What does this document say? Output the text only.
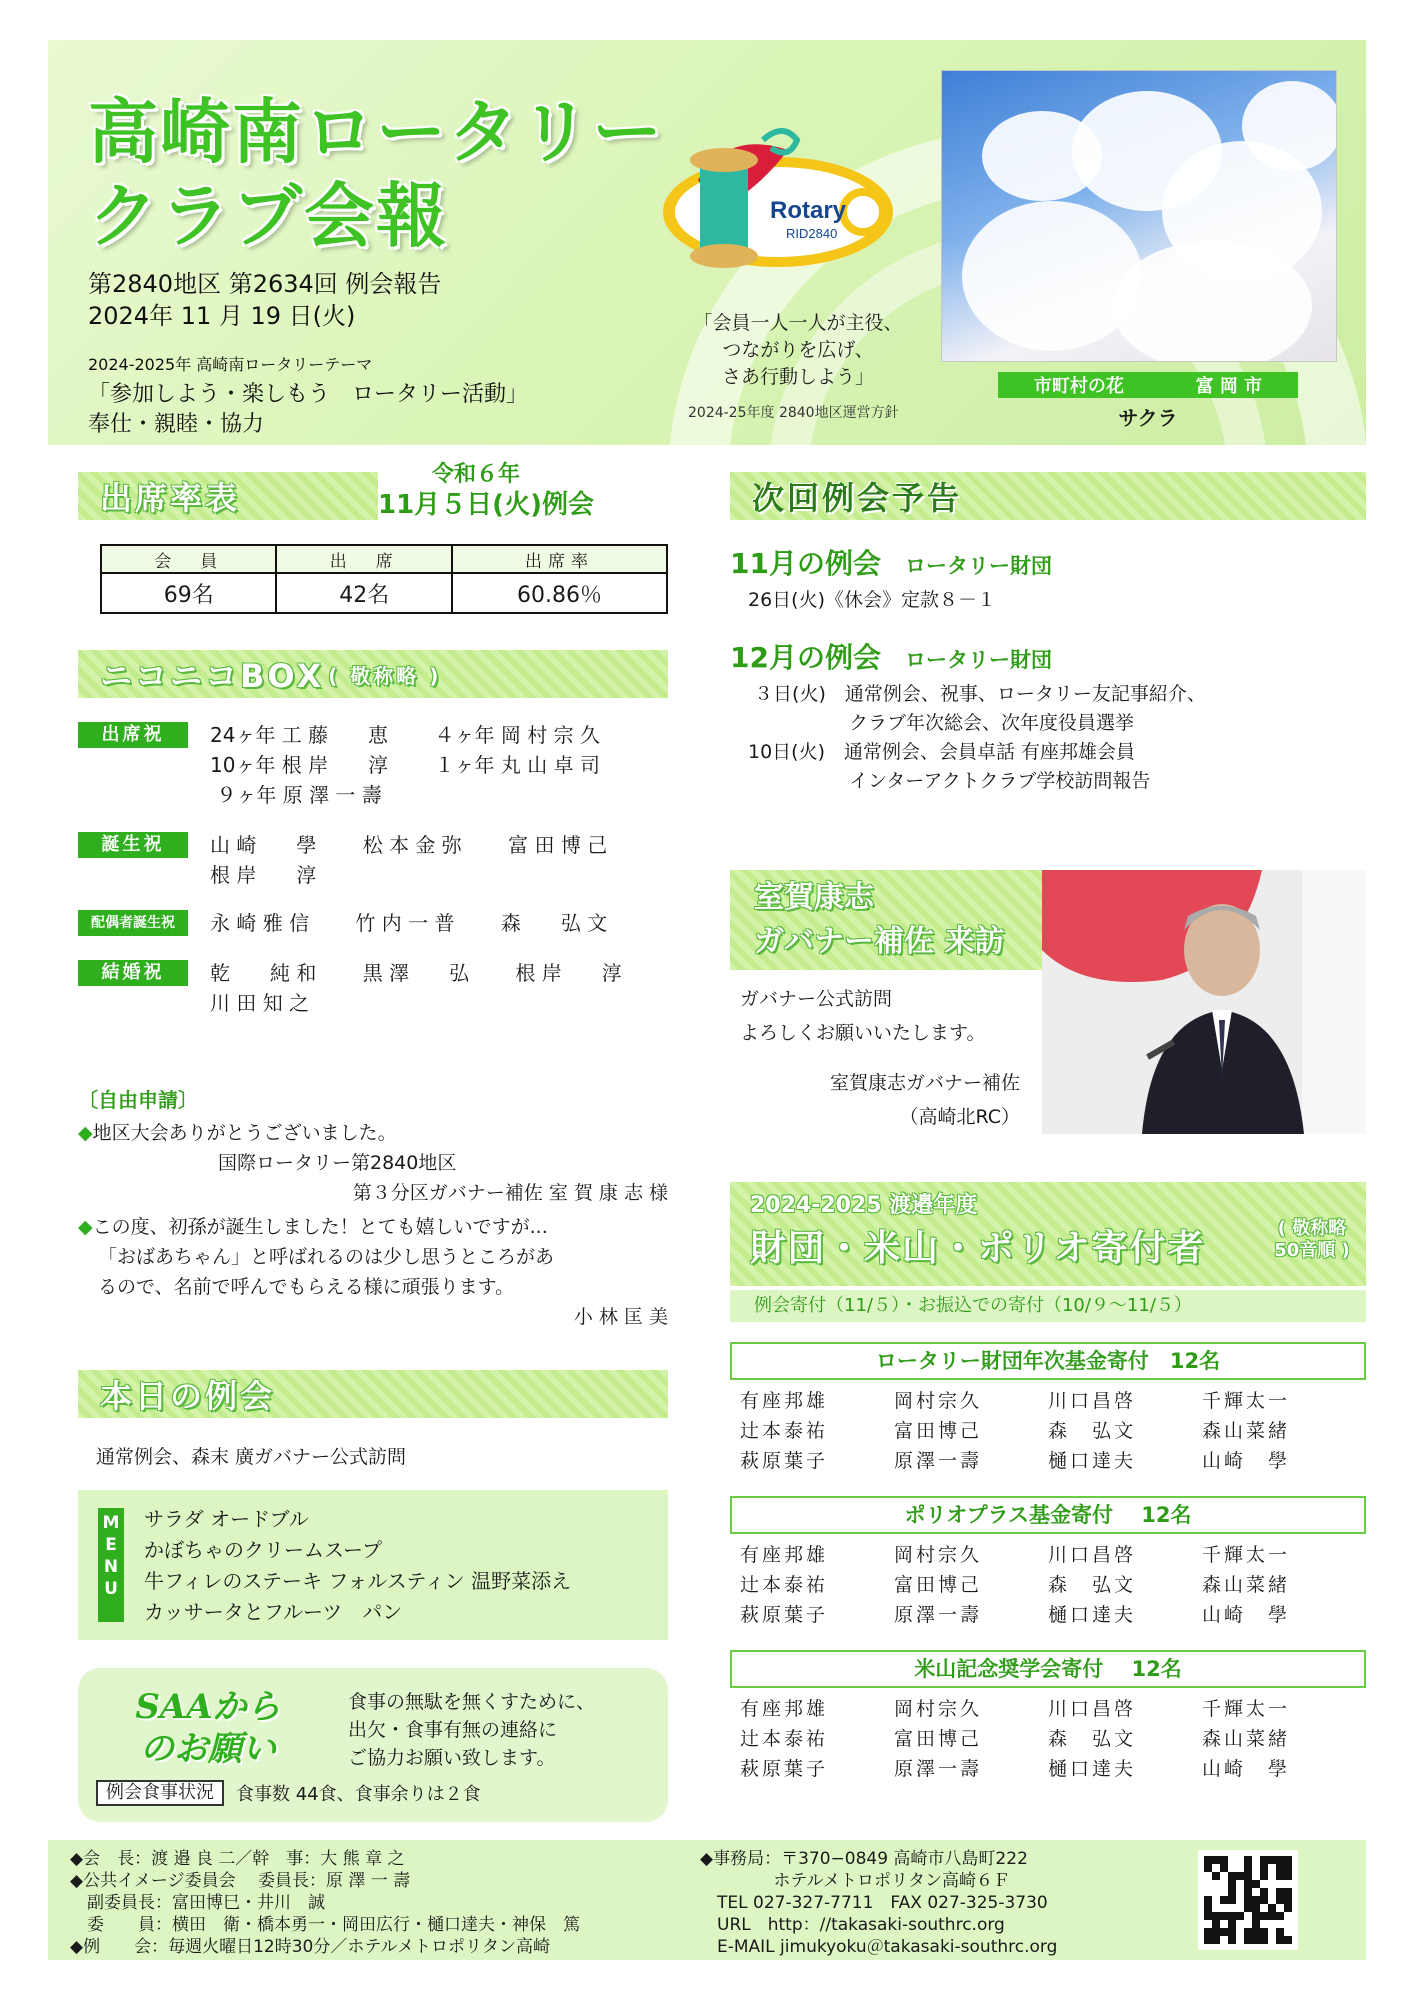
高崎南ロータリー
クラブ会報
第2840地区 第2634回 例会報告
2024年 11 月 19 日(火)
2024-2025年 高崎南ロータリーテーマ
「参加しよう・楽しもう　ロータリー活動」
奉仕・親睦・協力
Rotary
RID2840
「会員一人一人が主役、
つながりを広げ、
さあ行動しよう」
2024-25年度 2840地区運営方針
市町村の花	富 岡 市
サクラ
出席率表
令和６年
11月５日(火)例会
会　員	出　席	出席率
69名	42名	60.86％
ニコニコBOX ( 敬称略 )
出席祝	24ヶ年 工 藤　　恵　　 ４ヶ年 岡 村 宗 久
10ヶ年 根 岸　　淳　　 １ヶ年 丸 山 卓 司
９ヶ年 原 澤 一 壽
誕生祝	山 崎　　學　　 松 本 金 弥　　 富 田 博 己
根 岸　　淳
配偶者誕生祝	永 崎 雅 信　　 竹 内 一 普　　 森　　弘 文
結婚祝	乾　　純 和　　 黒 澤　　弘　　 根 岸　　淳
川 田 知 之
〔自由申請〕
◆地区大会ありがとうございました。
国際ロータリー第2840地区
第３分区ガバナー補佐 室 賀 康 志 様
◆この度、初孫が誕生しました！とても嬉しいですが...
「おばあちゃん」と呼ばれるのは少し思うところがあ
るので、名前で呼んでもらえる様に頑張ります。
小 林 匡 美
本日の例会
通常例会、森末 廣ガバナー公式訪問
M
E
N
U
サラダ オードブル
かぼちゃのクリームスープ
牛フィレのステーキ フォルスティン 温野菜添え
カッサータとフルーツ　パン
SAAから
のお願い
食事の無駄を無くすために、
出欠・食事有無の連絡に
ご協力お願い致します。
例会食事状況	食事数 44食、食事余りは２食
次回例会予告
11月の例会 ロータリー財団
26日(火)《休会》定款８－１
12月の例会 ロータリー財団
３日(火)　通常例会、祝事、ロータリー友記事紹介、
　　　　　 クラブ年次総会、次年度役員選挙
10日(火)　通常例会、会員卓話 有座邦雄会員
　　　　　 インターアクトクラブ学校訪問報告
室賀康志
ガバナー補佐 来訪
ガバナー公式訪問
よろしくお願いいたします。
室賀康志ガバナー補佐
（高崎北RC）
2024-2025 渡邉年度
財団・米山・ポリオ寄付者	( 敬称略
50音順 )
例会寄付（11/５）・お振込での寄付（10/９～11/５）
ロータリー財団年次基金寄付　12名
有座邦雄	岡村宗久	川口昌啓	千輝太一
辻本泰祐	富田博己	森　弘文	森山菜緒
萩原葉子	原澤一壽	樋口達夫	山崎　學
ポリオプラス基金寄付　 12名
有座邦雄	岡村宗久	川口昌啓	千輝太一
辻本泰祐	富田博己	森　弘文	森山菜緒
萩原葉子	原澤一壽	樋口達夫	山崎　學
米山記念奨学会寄付　 12名
有座邦雄	岡村宗久	川口昌啓	千輝太一
辻本泰祐	富田博己	森　弘文	森山菜緒
萩原葉子	原澤一壽	樋口達夫	山崎　學
◆会　長：渡 邉 良 二／幹　事：大 熊 章 之
◆公共イメージ委員会　 委員長：原 澤 一 壽
　副委員長：富田博巳・井川　誠
　委　　員：横田　衛・橋本勇一・岡田広行・樋口達夫・神保　篤
◆例　　会：毎週火曜日12時30分／ホテルメトロポリタン高崎
◆事務局：〒370−0849 高崎市八島町222
　　　　 ホテルメトロポリタン高崎６Ｆ
　TEL 027-327-7711　FAX 027-325-3730
　URL　http：//takasaki-southrc.org
　E-MAIL jimukyoku＠takasaki-southrc.org
